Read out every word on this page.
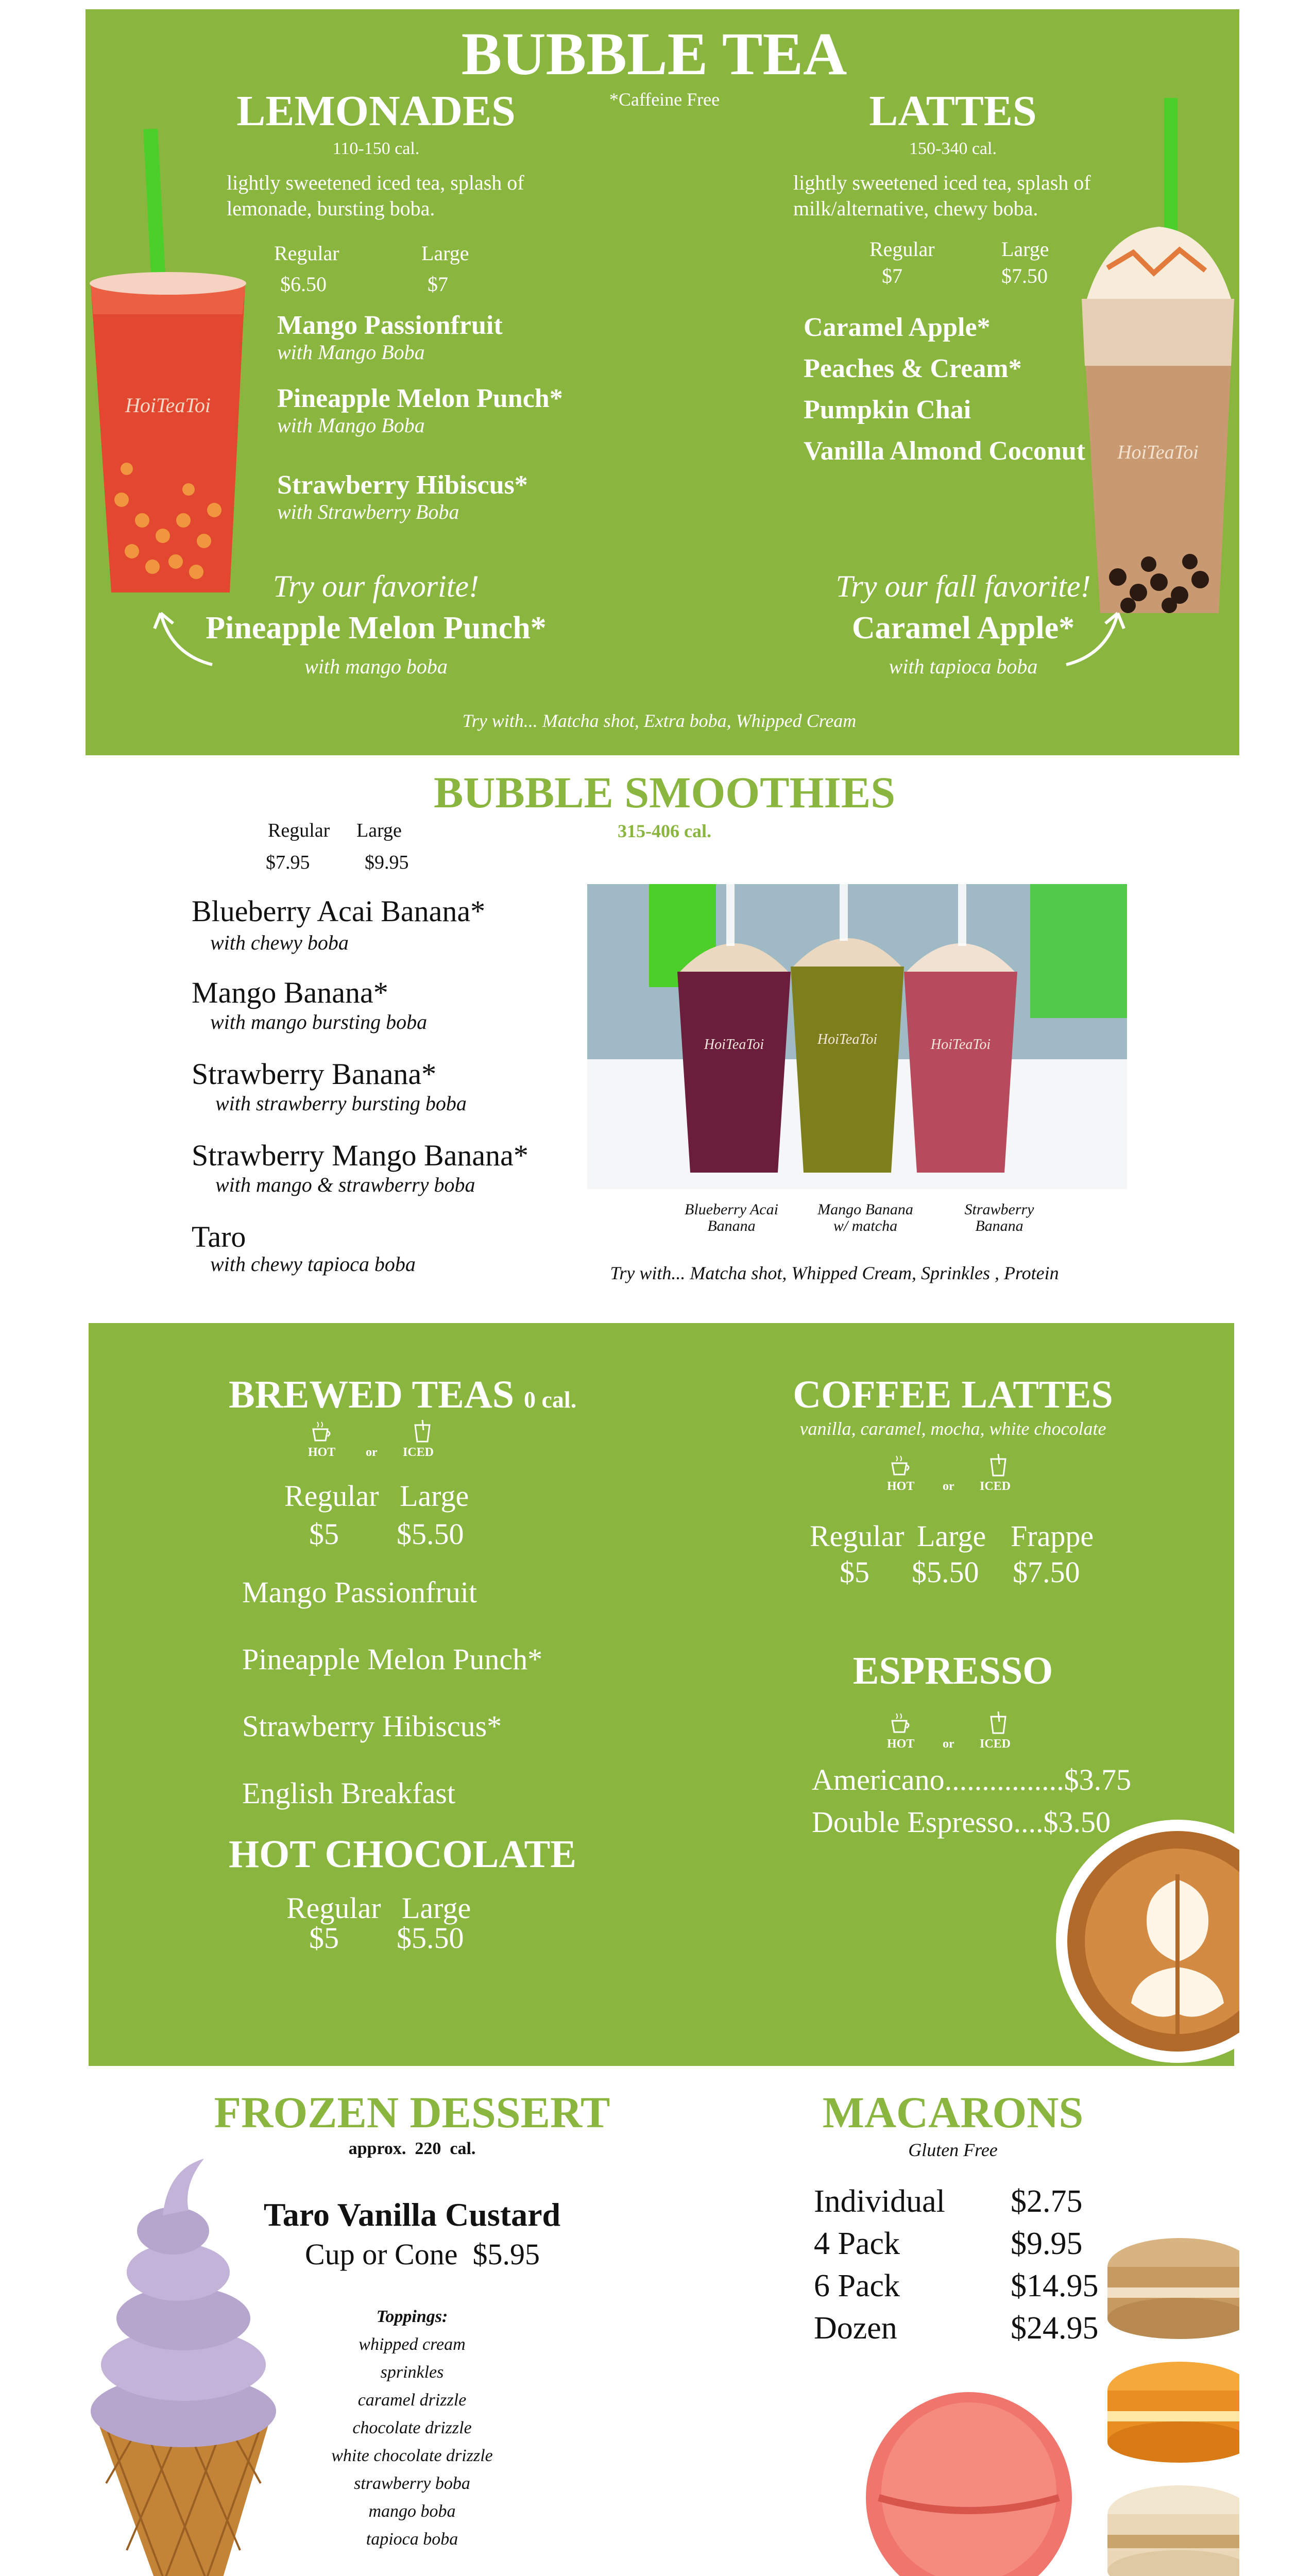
BUBBLE TEA
*Caffeine Free
LEMONADES
110-150 cal.
lightly sweetened iced tea, splash of
lemonade, bursting boba.
Regular	Large
$6.50	$7
Mango Passionfruit
with Mango Boba
Pineapple Melon Punch*
with Mango Boba
Strawberry Hibiscus*
with Strawberry Boba
HoiTeaToi
Try our favorite!
Pineapple Melon Punch*
with mango boba
LATTES
150-340 cal.
lightly sweetened iced tea, splash of
milk/alternative, chewy boba.
Regular	Large
$7	$7.50
Caramel Apple*
Peaches & Cream*
Pumpkin Chai
Vanilla Almond Coconut	HoiTeaToi
Try our fall favorite!
Caramel Apple*
with tapioca boba
Try with... Matcha shot, Extra boba, Whipped Cream
BUBBLE SMOOTHIES
315-406 cal.
Regular Large
$7.95	$9.95
Blueberry Acai Banana*
with chewy boba
Mango Banana*
with mango bursting boba
Strawberry Banana*
with strawberry bursting boba
Strawberry Mango Banana*
with mango & strawberry boba
Taro
with chewy tapioca boba
HoiTeaToi	HoiTeaToi	HoiTeaToi
Blueberry Acai
Banana
Mango Banana
w/ matcha
Strawberry
Banana
Try with... Matcha shot, Whipped Cream, Sprinkles , Protein
BREWED TEAS 0 cal.
HOT or ICED
Regular Large
$5 $5.50
Mango Passionfruit
Pineapple Melon Punch*
Strawberry Hibiscus*
English Breakfast
HOT CHOCOLATE
Regular Large
$5 $5.50
COFFEE LATTES
vanilla, caramel, mocha, white chocolate
HOT or ICED
Regular Large Frappe
$5 $5.50 $7.50
ESPRESSO
HOT or ICED
Americano................$3.75
Double Espresso....$3.50
FROZEN DESSERT
approx.  220  cal.
Taro Vanilla Custard
Cup or Cone  $5.95
Toppings:
whipped cream
sprinkles
caramel drizzle
chocolate drizzle
white chocolate drizzle
strawberry boba
mango boba
tapioca boba
MACARONS
Gluten Free
Individual $2.75
4 Pack	$9.95
6 Pack	$14.95
Dozen	$24.95
